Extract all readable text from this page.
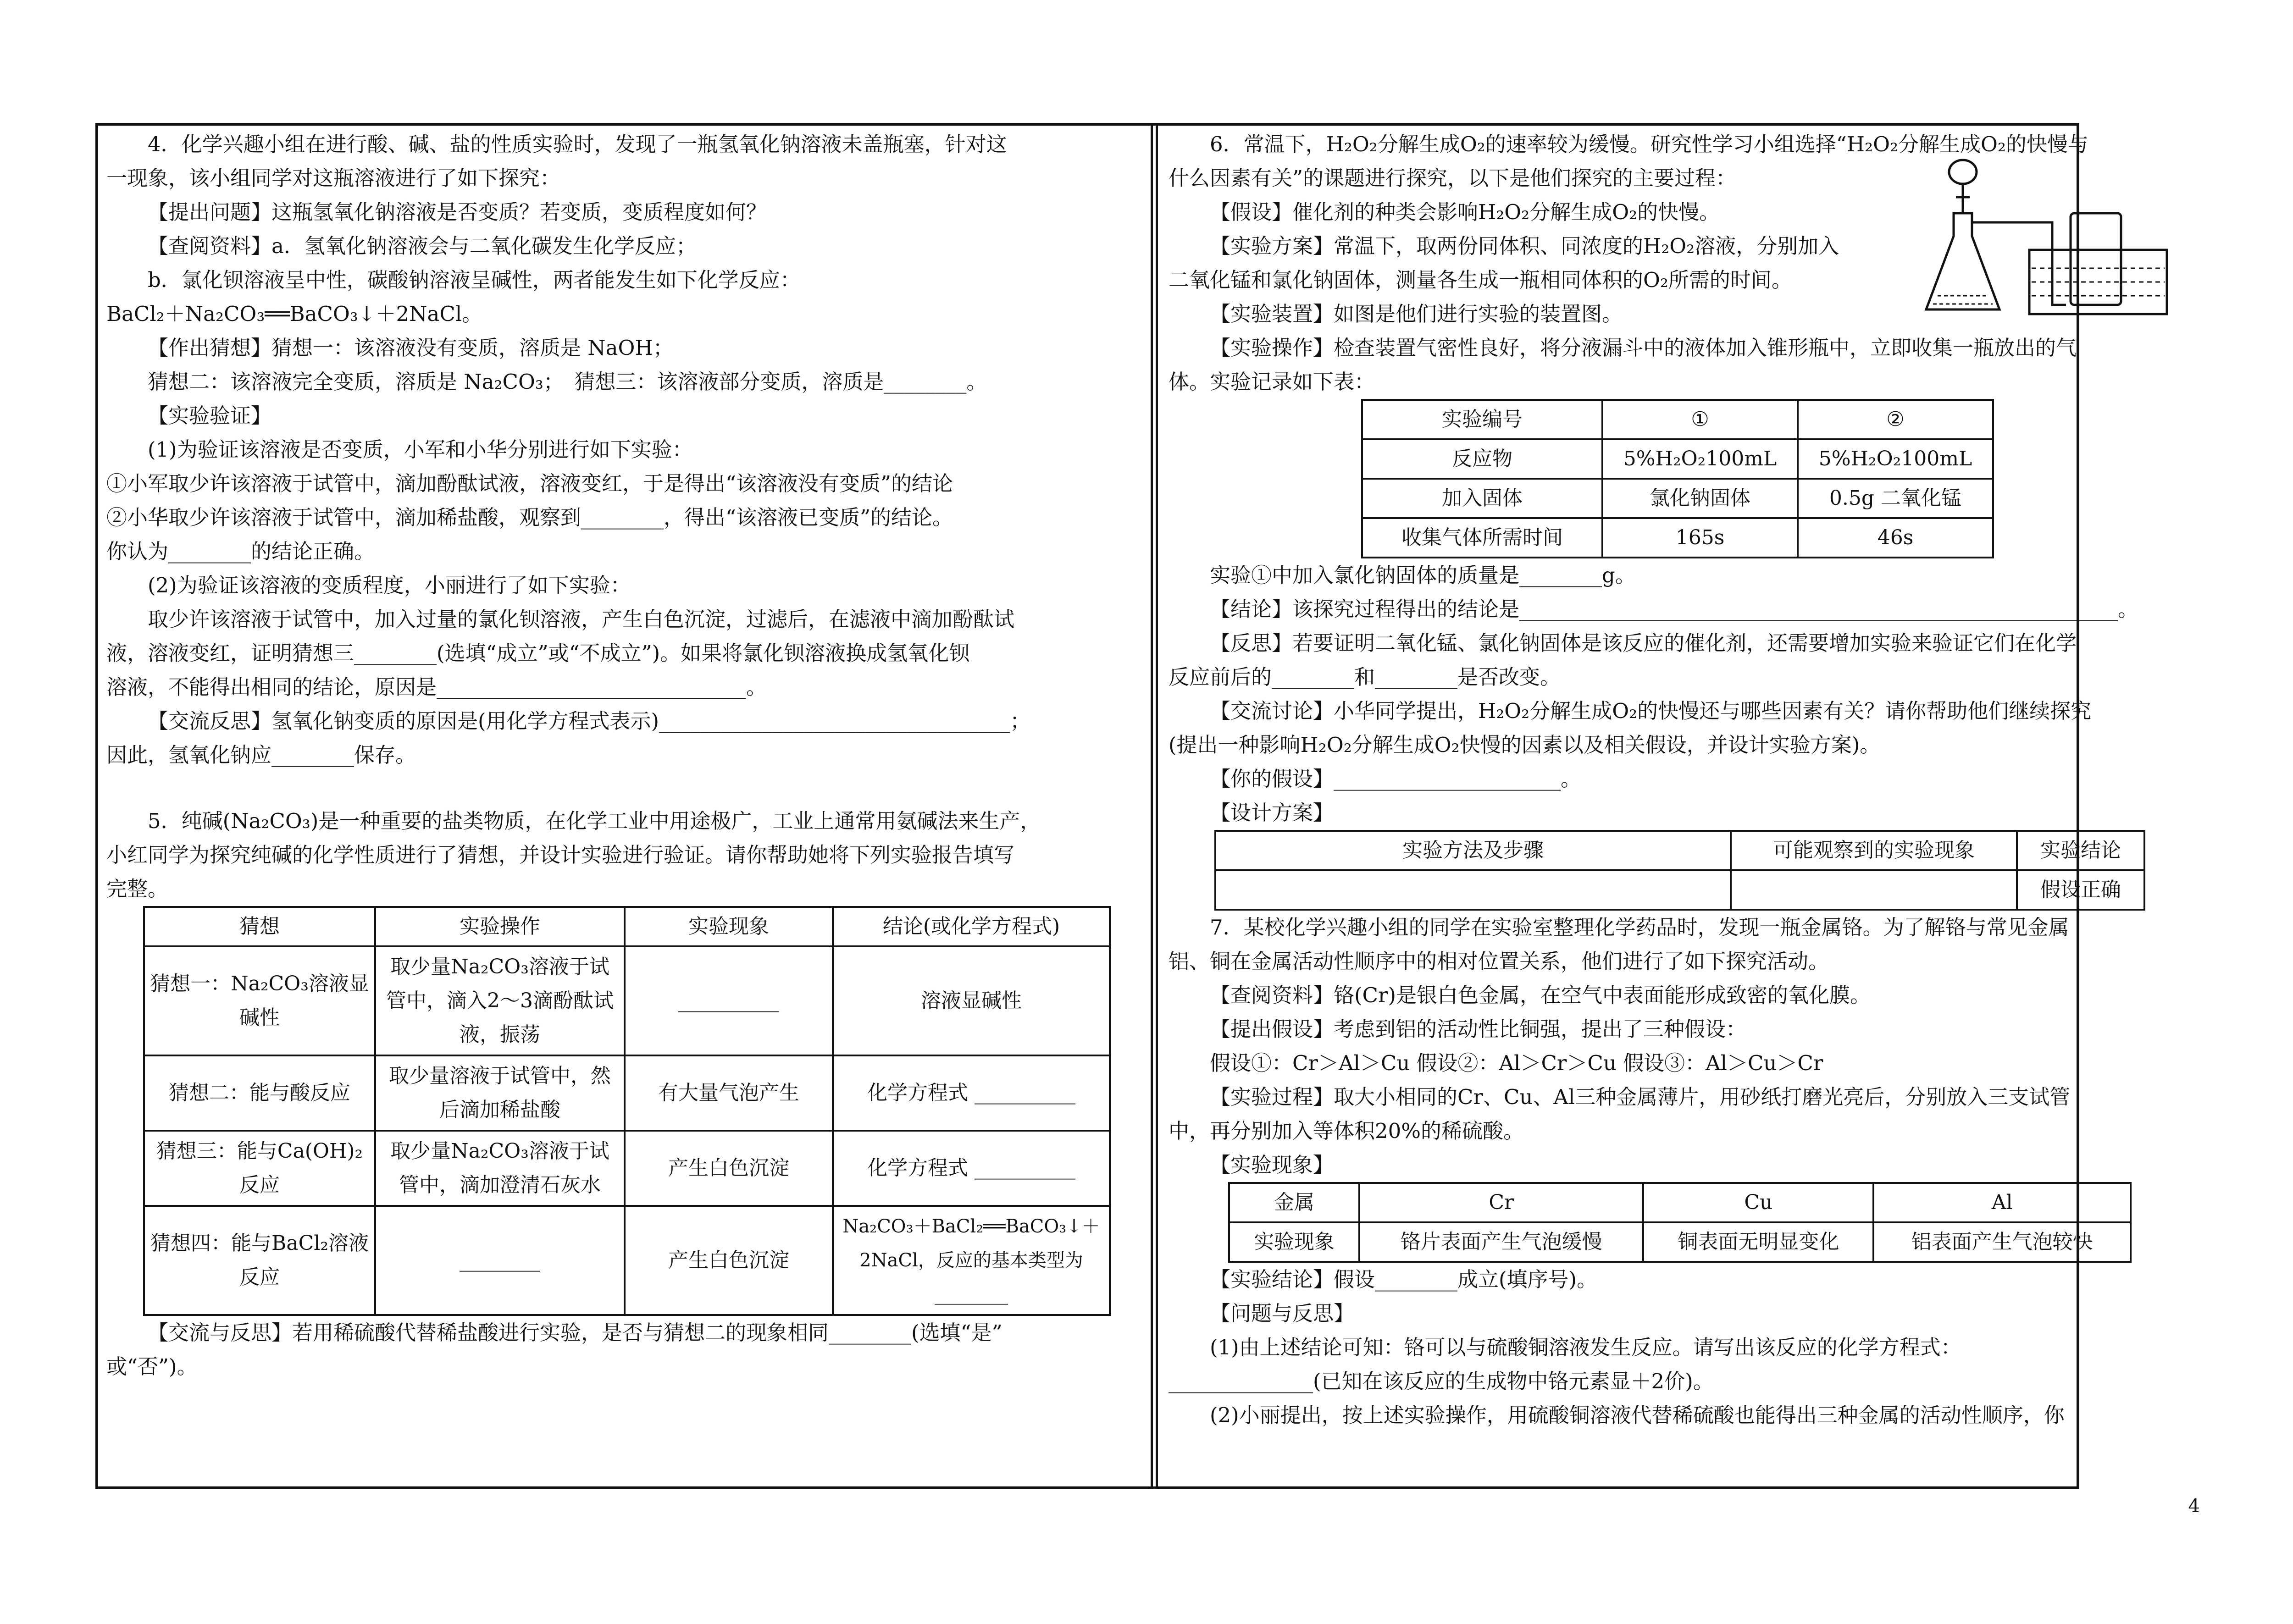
4．化学兴趣小组在进行酸、碱、盐的性质实验时，发现了一瓶氢氧化钠溶液未盖瓶塞，针对这

一现象，该小组同学对这瓶溶液进行了如下探究：

【提出问题】这瓶氢氧化钠溶液是否变质？若变质，变质程度如何？

【查阅资料】a．氢氧化钠溶液会与二氧化碳发生化学反应；

b．氯化钡溶液呈中性，碳酸钠溶液呈碱性，两者能发生如下化学反应：

BaCl₂＋Na₂CO₃══BaCO₃↓＋2NaCl。

【作出猜想】猜想一：该溶液没有变质，溶质是 NaOH；

猜想二：该溶液完全变质，溶质是 Na₂CO₃；　猜想三：该溶液部分变质，溶质是________。

【实验验证】

(1)为验证该溶液是否变质，小军和小华分别进行如下实验：

①小军取少许该溶液于试管中，滴加酚酞试液，溶液变红，于是得出“该溶液没有变质”的结论

②小华取少许该溶液于试管中，滴加稀盐酸，观察到________，得出“该溶液已变质”的结论。

你认为________的结论正确。

(2)为验证该溶液的变质程度，小丽进行了如下实验：

取少许该溶液于试管中，加入过量的氯化钡溶液，产生白色沉淀，过滤后，在滤液中滴加酚酞试

液，溶液变红，证明猜想三________(选填“成立”或“不成立”)。如果将氯化钡溶液换成氢氧化钡

溶液，不能得出相同的结论，原因是______________________________。

【交流反思】氢氧化钠变质的原因是(用化学方程式表示)__________________________________；

因此，氢氧化钠应________保存。

5．纯碱(Na₂CO₃)是一种重要的盐类物质，在化学工业中用途极广，工业上通常用氨碱法来生产，

小红同学为探究纯碱的化学性质进行了猜想，并设计实验进行验证。请你帮助她将下列实验报告填写

完整。

猜想	实验操作	实验现象	结论(或化学方程式)
猜想一：Na₂CO₃溶液显碱性	取少量Na₂CO₃溶液于试管中，滴入2～3滴酚酞试液，振荡	__________	溶液显碱性
猜想二：能与酸反应	取少量溶液于试管中，然后滴加稀盐酸	有大量气泡产生	化学方程式 __________
猜想三：能与Ca(OH)₂反应	取少量Na₂CO₃溶液于试管中，滴加澄清石灰水	产生白色沉淀	化学方程式 __________
猜想四：能与BaCl₂溶液反应	________	产生白色沉淀	Na₂CO₃＋BaCl₂══BaCO₃↓＋2NaCl，反应的基本类型为________

【交流与反思】若用稀硫酸代替稀盐酸进行实验，是否与猜想二的现象相同________(选填“是”

或“否”)。

6．常温下，H₂O₂分解生成O₂的速率较为缓慢。研究性学习小组选择“H₂O₂分解生成O₂的快慢与

什么因素有关”的课题进行探究，以下是他们探究的主要过程：

【假设】催化剂的种类会影响H₂O₂分解生成O₂的快慢。

【实验方案】常温下，取两份同体积、同浓度的H₂O₂溶液，分别加入

二氧化锰和氯化钠固体，测量各生成一瓶相同体积的O₂所需的时间。

【实验装置】如图是他们进行实验的装置图。

【实验操作】检查装置气密性良好，将分液漏斗中的液体加入锥形瓶中，立即收集一瓶放出的气

体。实验记录如下表：

实验编号	①	②
反应物	5%H₂O₂100mL	5%H₂O₂100mL
加入固体	氯化钠固体	0.5g 二氧化锰
收集气体所需时间	165s	46s

实验①中加入氯化钠固体的质量是________g。

【结论】该探究过程得出的结论是__________________________________________________________。

【反思】若要证明二氧化锰、氯化钠固体是该反应的催化剂，还需要增加实验来验证它们在化学

反应前后的________和________是否改变。

【交流讨论】小华同学提出，H₂O₂分解生成O₂的快慢还与哪些因素有关？请你帮助他们继续探究

(提出一种影响H₂O₂分解生成O₂快慢的因素以及相关假设，并设计实验方案)。

【你的假设】______________________。

【设计方案】

实验方法及步骤	可能观察到的实验现象	实验结论
		假设正确

7．某校化学兴趣小组的同学在实验室整理化学药品时，发现一瓶金属铬。为了解铬与常见金属

铝、铜在金属活动性顺序中的相对位置关系，他们进行了如下探究活动。

【查阅资料】铬(Cr)是银白色金属，在空气中表面能形成致密的氧化膜。

【提出假设】考虑到铝的活动性比铜强，提出了三种假设：

假设①：Cr＞Al＞Cu 假设②：Al＞Cr＞Cu 假设③：Al＞Cu＞Cr

【实验过程】取大小相同的Cr、Cu、Al三种金属薄片，用砂纸打磨光亮后，分别放入三支试管

中，再分别加入等体积20%的稀硫酸。

【实验现象】

金属	Cr	Cu	Al
实验现象	铬片表面产生气泡缓慢	铜表面无明显变化	铝表面产生气泡较快

【实验结论】假设________成立(填序号)。

【问题与反思】

(1)由上述结论可知：铬可以与硫酸铜溶液发生反应。请写出该反应的化学方程式：

______________(已知在该反应的生成物中铬元素显＋2价)。

(2)小丽提出，按上述实验操作，用硫酸铜溶液代替稀硫酸也能得出三种金属的活动性顺序，你

4
